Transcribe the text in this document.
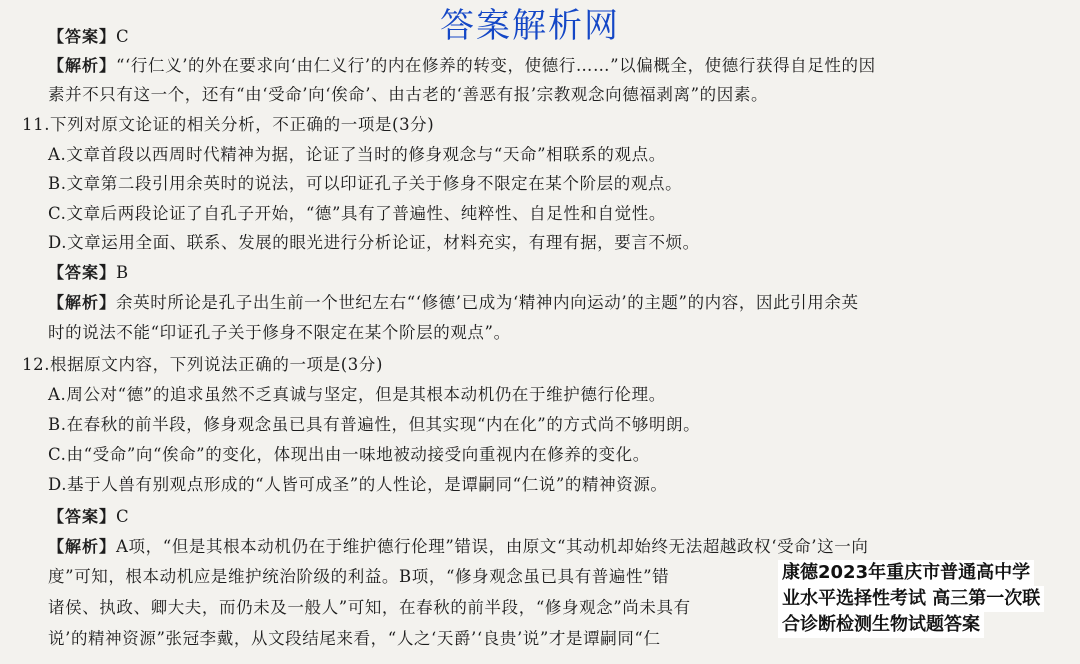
答案解析网
【答案】C
【解析】“‘行仁义’的外在要求向‘由仁义行’的内在修养的转变，使德行……”以偏概全，使德行获得自足性的因
素并不只有这一个，还有“由‘受命’向‘俟命’、由古老的‘善恶有报’宗教观念向德福剥离”的因素。
11.下列对原文论证的相关分析，不正确的一项是(3分)
A.文章首段以西周时代精神为据，论证了当时的修身观念与“天命”相联系的观点。
B.文章第二段引用余英时的说法，可以印证孔子关于修身不限定在某个阶层的观点。
C.文章后两段论证了自孔子开始，“德”具有了普遍性、纯粹性、自足性和自觉性。
D.文章运用全面、联系、发展的眼光进行分析论证，材料充实，有理有据，要言不烦。
【答案】B
【解析】余英时所论是孔子出生前一个世纪左右“‘修德’已成为‘精神内向运动’的主题”的内容，因此引用余英
时的说法不能“印证孔子关于修身不限定在某个阶层的观点”。
12.根据原文内容，下列说法正确的一项是(3分)
A.周公对“德”的追求虽然不乏真诚与坚定，但是其根本动机仍在于维护德行伦理。
B.在春秋的前半段，修身观念虽已具有普遍性，但其实现“内在化”的方式尚不够明朗。
C.由“受命”向“俟命”的变化，体现出由一味地被动接受向重视内在修养的变化。
D.基于人兽有别观点形成的“人皆可成圣”的人性论，是谭嗣同“仁说”的精神资源。
【答案】C
【解析】A项，“但是其根本动机仍在于维护德行伦理”错误，由原文“其动机却始终无法超越政权‘受命’这一向
度”可知，根本动机应是维护统治阶级的利益。B项，“修身观念虽已具有普遍性”错
诸侯、执政、卿大夫，而仍未及一般人”可知，在春秋的前半段，“修身观念”尚未具有
说’的精神资源”张冠李戴，从文段结尾来看，“人之‘天爵’‘良贵’说”才是谭嗣同“仁
康德2023年重庆市普通高中学
业水平选择性考试 高三第一次联
合诊断检测生物试题答案
